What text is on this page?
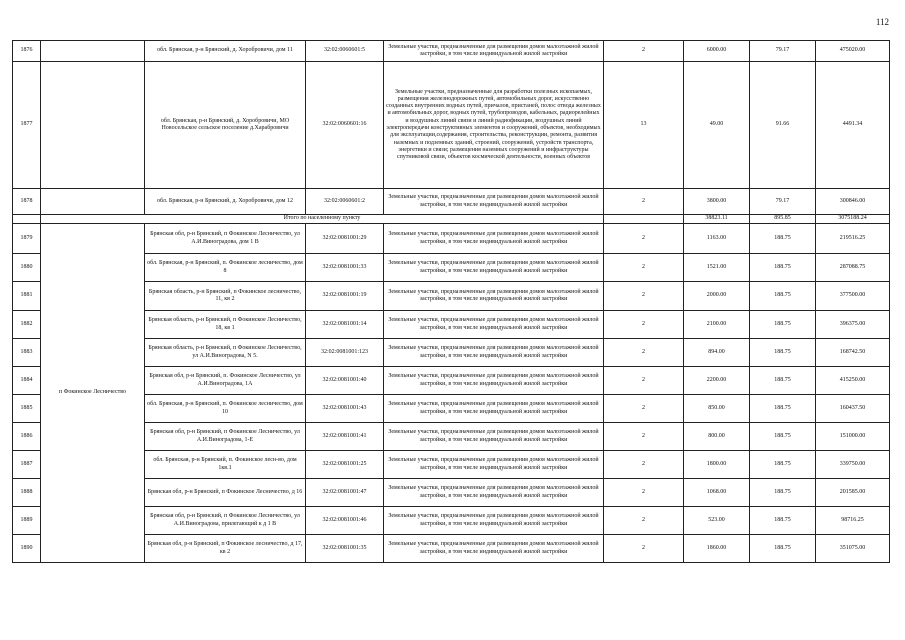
112
1876		обл. Брянская, р-н Брянский, д. Хоробровичи, дом 11	32:02:0060601:5	Земельные участки, предназначенные для размещения домов малоэтажной жилой застройки, в том числе индивидуальной жилой застройки	2	6000.00	79.17	475020.00
1877		обл. Брянская, р-н Брянский, д. Хоробровичи, МО Новосельское сельское поселение д.Харабровичи	32:02:0060601:16	Земельные участки, предназначенные для разработки полезных ископаемых, размещения железнодорожных путей, автомобильных дорог, искусственно созданных внутренних водных путей, причалов, пристаней, полос отвода железных и автомобильных дорог, водных путей, трубопроводов, кабельных, радиорелейных и воздушных линий связи и линий радиофикации, воздушных линий электропередачи конструктивных элементов и сооружений, объектов, необходимых для эксплуатации,содержания, строительства, реконструкции, ремонта, развития наземных и подземных зданий, строений, сооружений, устройств транспорта, энергетики и связи; размещения наземных сооружений и инфраструктуры спутниковой связи, объектов космической деятельности, военных объектов	13	49.00	91.66	4491.34
1878		обл. Брянская, р-н Брянский, д. Хоробровичи, дом 12	32:02:0060601:2	Земельные участки, предназначенные для размещения домов малоэтажной жилой застройки, в том числе индивидуальной жилой застройки	2	3800.00	79.17	300846.00
	Итого по населенному пункту					38823.11	895.85	3075188.24
1879	п Фокинское Лесничество	Брянская обл, р-н Брянский, п Фокинское Лесничество, ул А.И.Виноградова, дом 1 В	32:02:0081001:29	Земельные участки, предназначенные для размещения домов малоэтажной жилой застройки, в том числе индивидуальной жилой застройки	2	1163.00	188.75	219516.25
1880		обл. Брянская, р-н Брянский, п. Фокинское лесничество, дом 8	32:02:0081001:33	Земельные участки, предназначенные для размещения домов малоэтажной жилой застройки, в том числе индивидуальной жилой застройки	2	1521.00	188.75	287088.75
1881		Брянская область, р-н Брянский, п Фокинское лесничество, 11, кв 2	32:02:0081001:19	Земельные участки, предназначенные для размещения домов малоэтажной жилой застройки, в том числе индивидуальной жилой застройки	2	2000.00	188.75	377500.00
1882		Брянская область, р-н Брянский, п Фокинское Лесничество, 18, кв 1	32:02:0081001:14	Земельные участки, предназначенные для размещения домов малоэтажной жилой застройки, в том числе индивидуальной жилой застройки	2	2100.00	188.75	396375.00
1883		Брянская область, р-н Брянский, п Фокинское Лесничество, ул А.И.Виноградова, N 5.	32:02:0081001:123	Земельные участки, предназначенные для размещения домов малоэтажной жилой застройки, в том числе индивидуальной жилой застройки	2	894.00	188.75	168742.50
1884		Брянская обл, р-н Брянский, п. Фокинское Лесничество, ул А.И.Виноградова, 1А	32:02:0081001:40	Земельные участки, предназначенные для размещения домов малоэтажной жилой застройки, в том числе индивидуальной жилой застройки	2	2200.00	188.75	415250.00
1885		обл. Брянская, р-н Брянский, п. Фокинское лесничество, дом 10	32:02:0081001:43	Земельные участки, предназначенные для размещения домов малоэтажной жилой застройки, в том числе индивидуальной жилой застройки	2	850.00	188.75	160437.50
1886		Брянская обл, р-н Брянский, п Фокинское Лесничество, ул А.И.Виноградова, 1-Е	32:02:0081001:41	Земельные участки, предназначенные для размещения домов малоэтажной жилой застройки, в том числе индивидуальной жилой застройки	2	800.00	188.75	151000.00
1887		обл. Брянская, р-н Брянский, п. Фокинское лесн-во, дом 1кв.1	32:02:0081001:25	Земельные участки, предназначенные для размещения домов малоэтажной жилой застройки, в том числе индивидуальной жилой застройки	2	1800.00	188.75	339750.00
1888		Брянская обл, р-н Брянский, п Фокинское Лесничество, д 16	32:02:0081001:47	Земельные участки, предназначенные для размещения домов малоэтажной жилой застройки, в том числе индивидуальной жилой застройки	2	1068.00	188.75	201585.00
1889		Брянская обл, р-н Брянский, п Фокинское Лесничество, ул А.И.Виноградова, прилегающий к д 1 В	32:02:0081001:46	Земельные участки, предназначенные для размещения домов малоэтажной жилой застройки, в том числе индивидуальной жилой застройки	2	523.00	188.75	98716.25
1890		Брянская обл, р-н Брянский, п Фокинское лесничество, д 17, кв 2	32:02:0081001:35	Земельные участки, предназначенные для размещения домов малоэтажной жилой застройки, в том числе индивидуальной жилой застройки	2	1860.00	188.75	351075.00
